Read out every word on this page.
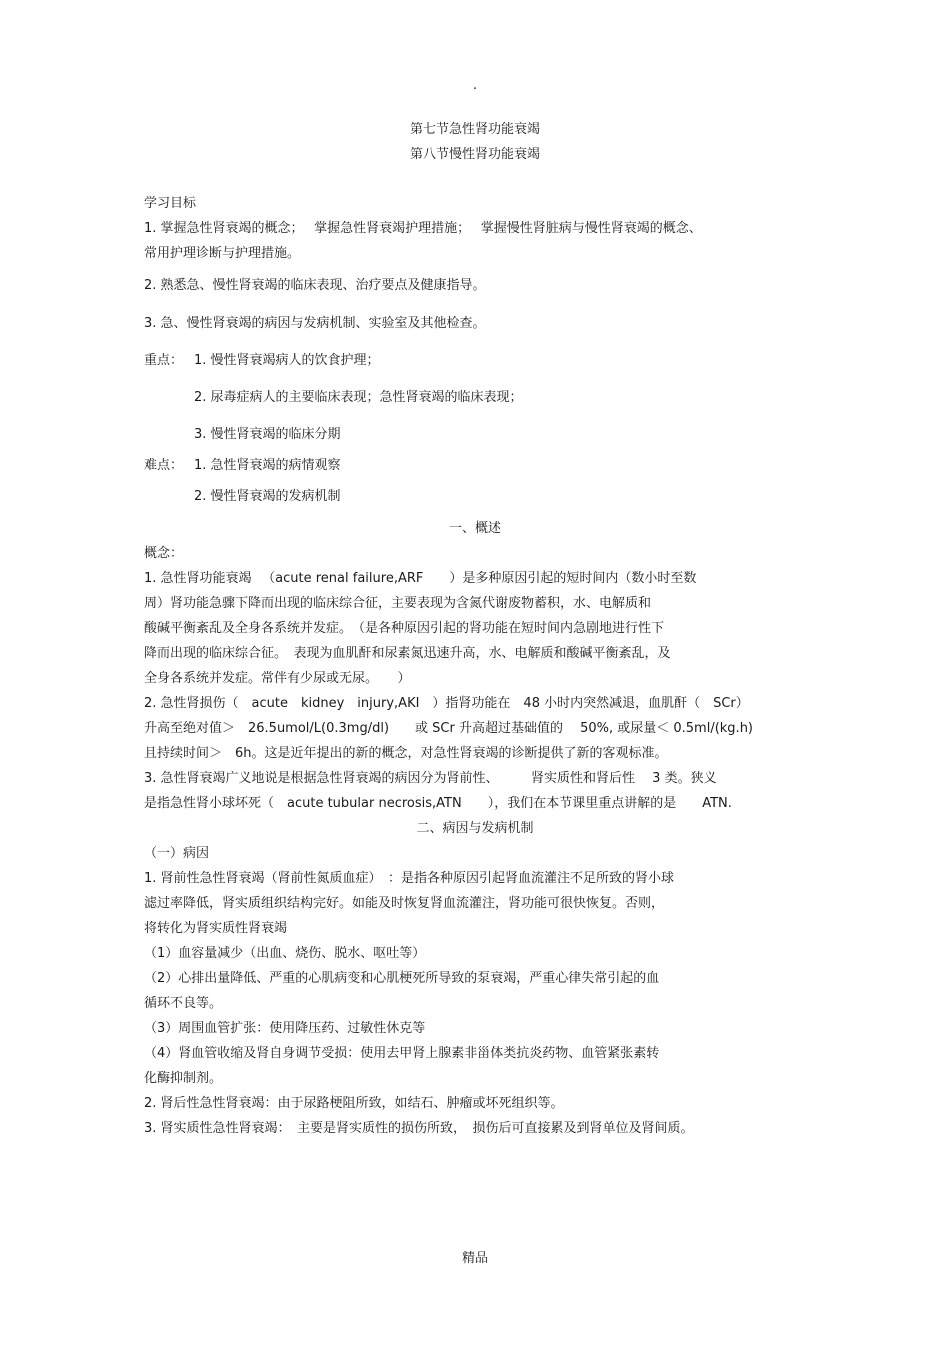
.
第七节急性肾功能衰竭
第八节慢性肾功能衰竭
学习目标
1. 掌握急性肾衰竭的概念；　 掌握急性肾衰竭护理措施；　 掌握慢性肾脏病与慢性肾衰竭的概念、
常用护理诊断与护理措施。
2. 熟悉急、慢性肾衰竭的临床表现、治疗要点及健康指导。
3. 急、慢性肾衰竭的病因与发病机制、实验室及其他检查。
重点： 1. 慢性肾衰竭病人的饮食护理；
2. 尿毒症病人的主要临床表现；急性肾衰竭的临床表现；
3. 慢性肾衰竭的临床分期
难点： 1. 急性肾衰竭的病情观察
2. 慢性肾衰竭的发病机制
一、概述
概念：
1. 急性肾功能衰竭 　（acute renal failure,ARF　　）是多种原因引起的短时间内（数小时至数
周）肾功能急骤下降而出现的临床综合征，主要表现为含氮代谢废物蓄积，水、电解质和
酸碱平衡紊乱及全身各系统并发症。　（是各种原因引起的肾功能在短时间内急剧地进行性下
降而出现的临床综合征。　表现为血肌酐和尿素氮迅速升高，水、电解质和酸碱平衡紊乱，及
全身各系统并发症。常伴有少尿或无尿。　　）
2. 急性肾损伤（　acute　kidney　injury,AKI　）指肾功能在　48 小时内突然减退，血肌酐（　SCr）
升高至绝对值＞　26.5umol/L(0.3mg/dl)　　或 SCr 升高超过基础值的　 50%, 或尿量＜ 0.5ml/(kg.h)
且持续时间＞　6h。这是近年提出的新的概念，对急性肾衰竭的诊断提供了新的客观标准。
3. 急性肾衰竭广义地说是根据急性肾衰竭的病因分为肾前性、　　　肾实质性和肾后性　 3 类。狭义
是指急性肾小球坏死（　acute tubular necrosis,ATN　　），我们在本节课里重点讲解的是　　ATN.
二、病因与发病机制
（一）病因
1. 肾前性急性肾衰竭（肾前性氮质血症）　：是指各种原因引起肾血流灌注不足所致的肾小球
滤过率降低，肾实质组织结构完好。如能及时恢复肾血流灌注，肾功能可很快恢复。否则，
将转化为肾实质性肾衰竭
（1）血容量减少（出血、烧伤、脱水、呕吐等）
（2）心排出量降低、严重的心肌病变和心肌梗死所导致的泵衰竭，严重心律失常引起的血
循环不良等。
（3）周围血管扩张：使用降压药、过敏性休克等
（4）肾血管收缩及肾自身调节受损：使用去甲肾上腺素非甾体类抗炎药物、血管紧张素转
化酶抑制剂。
2. 肾后性急性肾衰竭：由于尿路梗阻所致，如结石、肿瘤或坏死组织等。
3. 肾实质性急性肾衰竭：　主要是肾实质性的损伤所致，　损伤后可直接累及到肾单位及肾间质。
精品
